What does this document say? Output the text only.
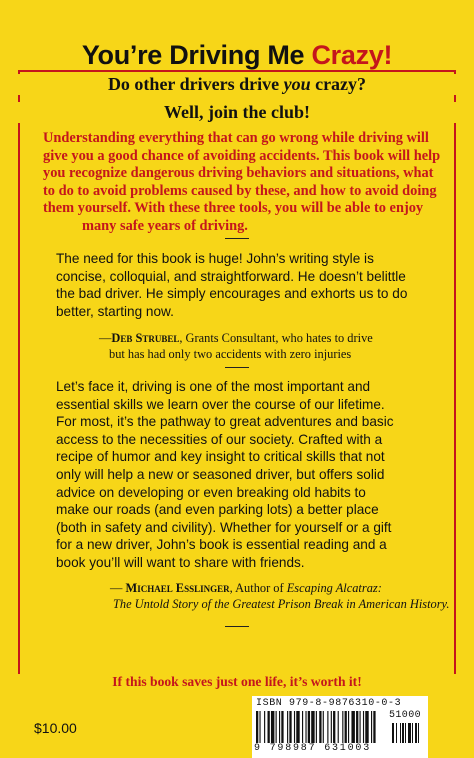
You’re Driving Me Crazy!
Do other drivers drive you crazy?
Well, join the club!
Understanding everything that can go wrong while driving will
give you a good chance of avoiding accidents. This book will help
you recognize dangerous driving behaviors and situations, what
to do to avoid problems caused by these, and how to avoid doing
them yourself. With these three tools, you will be able to enjoy
many safe years of driving.
The need for this book is huge! John’s writing style is
concise, colloquial, and straightforward. He doesn’t belittle
the bad driver. He simply encourages and exhorts us to do
better, starting now.
—Deb Strubel, Grants Consultant, who hates to drive
but has had only two accidents with zero injuries
Let’s face it, driving is one of the most important and
essential skills we learn over the course of our lifetime.
For most, it’s the pathway to great adventures and basic
access to the necessities of our society. Crafted with a
recipe of humor and key insight to critical skills that not
only will help a new or seasoned driver, but offers solid
advice on developing or even breaking old habits to
make our roads (and even parking lots) a better place
(both in safety and civility). Whether for yourself or a gift
for a new driver, John’s book is essential reading and a
book you’ll will want to share with friends.
— Michael Esslinger, Author of Escaping Alcatraz:
The Untold Story of the Greatest Prison Break in American History.
If this book saves just one life, it’s worth it!
$10.00
ISBN 979-8-9876310-0-3
51000
9 798987 631003
